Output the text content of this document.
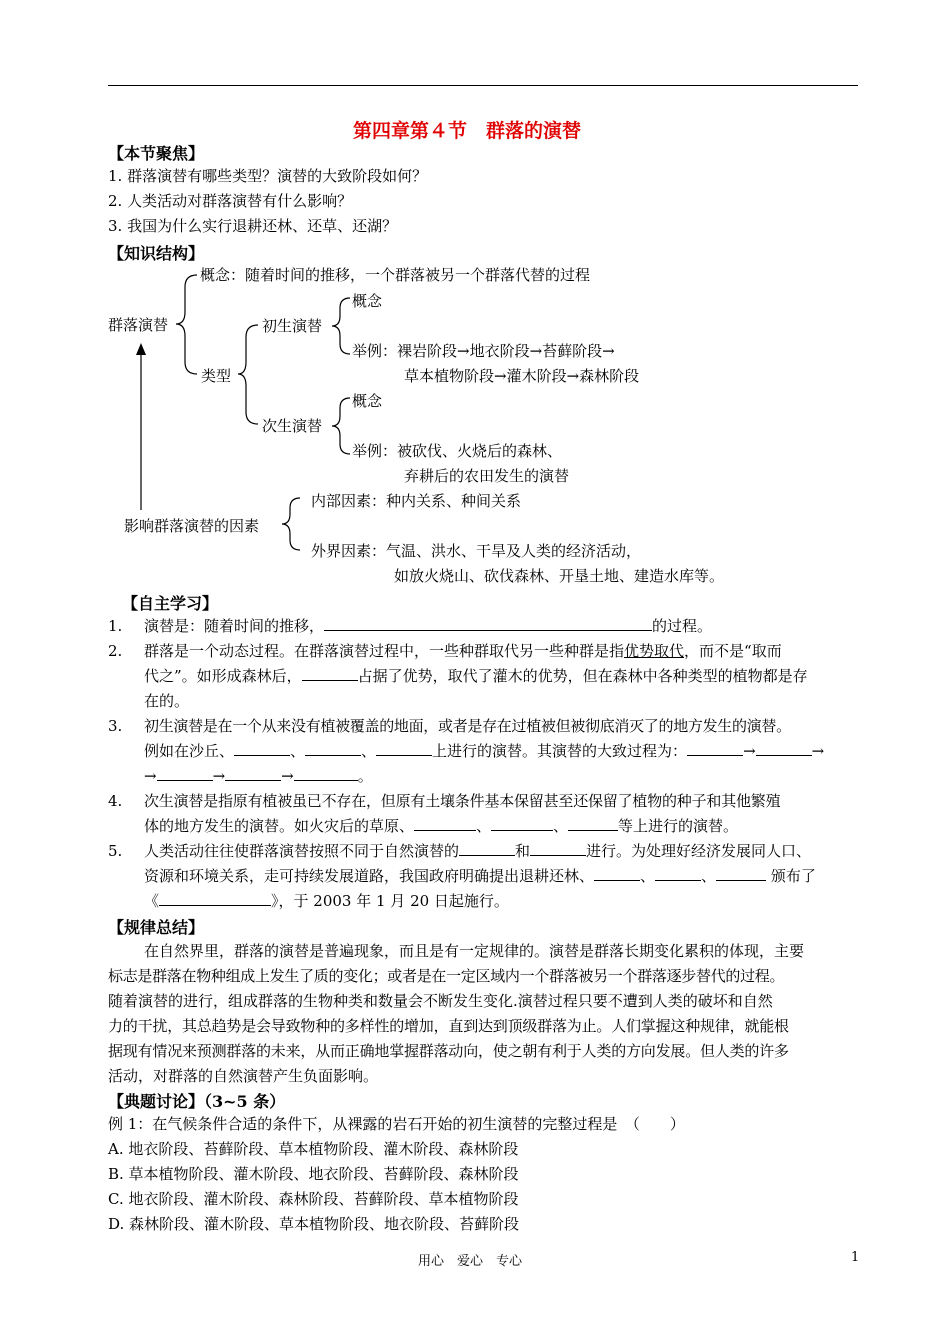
第四章第４节　群落的演替
【本节聚焦】
1. 群落演替有哪些类型？演替的大致阶段如何？
2. 人类活动对群落演替有什么影响？
3. 我国为什么实行退耕还林、还草、还湖？
【知识结构】
群落演替
概念：随着时间的推移，一个群落被另一个群落代替的过程
类型
初生演替
概念
举例：裸岩阶段→地衣阶段→苔藓阶段→
草本植物阶段→灌木阶段→森林阶段
次生演替
概念
举例：被砍伐、火烧后的森林、
弃耕后的农田发生的演替
影响群落演替的因素
内部因素：种内关系、种间关系
外界因素：气温、洪水、干旱及人类的经济活动，
如放火烧山、砍伐森林、开垦土地、建造水库等。
【自主学习】
1. 演替是：随着时间的推移，	的过程。
2. 群落是一个动态过程。在群落演替过程中，一些种群取代另一些种群是指优势取代，而不是“取而
代之”。如形成森林后，	占据了优势，取代了灌木的优势，但在森林中各种类型的植物都是存
在的。
3. 初生演替是在一个从来没有植被覆盖的地面，或者是存在过植被但被彻底消灭了的地方发生的演替。
例如在沙丘、	、	、	上进行的演替。其演替的大致过程为：	→	→
→	→	→	。
4. 次生演替是指原有植被虽已不存在，但原有土壤条件基本保留甚至还保留了植物的种子和其他繁殖
体的地方发生的演替。如火灾后的草原、	、	、	等上进行的演替。
5. 人类活动往往使群落演替按照不同于自然演替的	和	进行。为处理好经济发展同人口、
资源和环境关系，走可持续发展道路，我国政府明确提出退耕还林、	、	、	颁布了
《	》，于 2003 年 1 月 20 日起施行。
【规律总结】
在自然界里，群落的演替是普遍现象，而且是有一定规律的。演替是群落长期变化累积的体现，主要
标志是群落在物种组成上发生了质的变化；或者是在一定区域内一个群落被另一个群落逐步替代的过程。
随着演替的进行，组成群落的生物种类和数量会不断发生变化.演替过程只要不遭到人类的破坏和自然
力的干扰，其总趋势是会导致物种的多样性的增加，直到达到顶级群落为止。人们掌握这种规律，就能根
据现有情况来预测群落的未来，从而正确地掌握群落动向，使之朝有利于人类的方向发展。但人类的许多
活动，对群落的自然演替产生负面影响。
【典题讨论】（3~5 条）
例 1：在气候条件合适的条件下，从裸露的岩石开始的初生演替的完整过程是　（　　）
A. 地衣阶段、苔藓阶段、草本植物阶段、灌木阶段、森林阶段
B. 草本植物阶段、灌木阶段、地衣阶段、苔藓阶段、森林阶段
C. 地衣阶段、灌木阶段、森林阶段、苔藓阶段、草本植物阶段
D. 森林阶段、灌木阶段、草本植物阶段、地衣阶段、苔藓阶段
用心　爱心　专心	1
